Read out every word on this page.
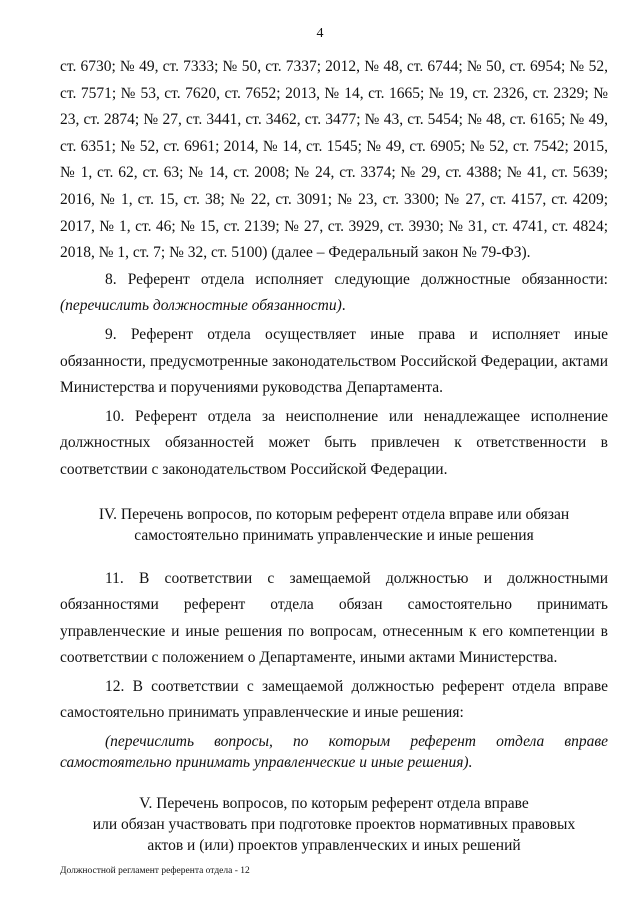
4

ст. 6730; № 49, ст. 7333; № 50, ст. 7337; 2012, № 48, ст. 6744; № 50, ст. 6954; № 52, ст. 7571; № 53, ст. 7620, ст. 7652; 2013, № 14, ст. 1665; № 19, ст. 2326, ст. 2329; № 23, ст. 2874; № 27, ст. 3441, ст. 3462, ст. 3477; № 43, ст. 5454; № 48, ст. 6165; № 49, ст. 6351; № 52, ст. 6961; 2014, № 14, ст. 1545; № 49, ст. 6905; № 52, ст. 7542; 2015, № 1, ст. 62, ст. 63; № 14, ст. 2008; № 24, ст. 3374; № 29, ст. 4388; № 41, ст. 5639; 2016, № 1, ст. 15, ст. 38; № 22, ст. 3091; № 23, ст. 3300; № 27, ст. 4157, ст. 4209; 2017, № 1, ст. 46; № 15, ст. 2139; № 27, ст. 3929, ст. 3930; № 31, ст. 4741, ст. 4824; 2018, № 1, ст. 7; № 32, ст. 5100) (далее – Федеральный закон № 79-ФЗ).

8. Референт отдела исполняет следующие должностные обязанности: (перечислить должностные обязанности).

9. Референт отдела осуществляет иные права и исполняет иные обязанности, предусмотренные законодательством Российской Федерации, актами Министерства и поручениями руководства Департамента.

10. Референт отдела за неисполнение или ненадлежащее исполнение должностных обязанностей может быть привлечен к ответственности в соответствии с законодательством Российской Федерации.

IV. Перечень вопросов, по которым референт отдела вправе или обязан
самостоятельно принимать управленческие и иные решения

11. В соответствии с замещаемой должностью и должностными обязанностями референт отдела обязан самостоятельно принимать управленческие и иные решения по вопросам, отнесенным к его компетенции в соответствии с положением о Департаменте, иными актами Министерства.

12. В соответствии с замещаемой должностью референт отдела вправе самостоятельно принимать управленческие и иные решения:

(перечислить вопросы, по которым референт отдела вправе самостоятельно принимать управленческие и иные решения).

V. Перечень вопросов, по которым референт отдела вправе
или обязан участвовать при подготовке проектов нормативных правовых
актов и (или) проектов управленческих и иных решений

Должностной регламент референта отдела - 12
